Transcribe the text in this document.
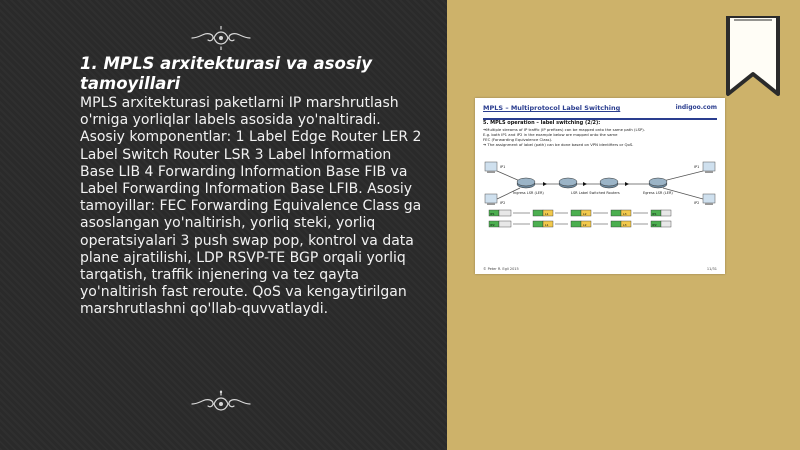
1. MPLS arxitekturasi va asosiy tamoyillari

MPLS arxitekturasi paketlarni IP marshrutlash o'rniga yorliqlar labels asosida yo'naltiradi. Asosiy komponentlar: 1 Label Edge Router LER 2 Label Switch Router LSR 3 Label Information Base LIB 4 Forwarding Information Base FIB va Label Forwarding Information Base LFIB. Asosiy tamoyillar: FEC Forwarding Equivalence Class ga asoslangan yo'naltirish, yorliq steki, yorliq operatsiyalari 3 push swap pop, kontrol va data plane ajratilishi, LDP RSVP-TE BGP orqali yorliq tarqatish, traffik injenering va tez qayta yo'naltirish fast reroute. QoS va kengaytirilgan marshrutlashni qo'llab-quvvatlaydi.

MPLS – Multiprotocol Label Switching	indigoo.com
5. MPLS operation – label switching (2/2):
➔Multiple streams of IP traffic (IP prefixes) can be mapped onto the same path (LSP).
E.g. both IP1 and IP2 in the example below are mapped onto the same
FEC (Forwarding Equivalence Class).
➔ The assignment of label (path) can be done based on VPN identifiers or QoS.
IP1
IP2
IP1
IP2
Ingress LSR (LER)	LSR Label Switched Routers	Egress LSR (LER)
IP1
IP2
L1
L1
L2
L2
L3
L3
IP1
IP2
© Peter R. Egli 2015	11/31
